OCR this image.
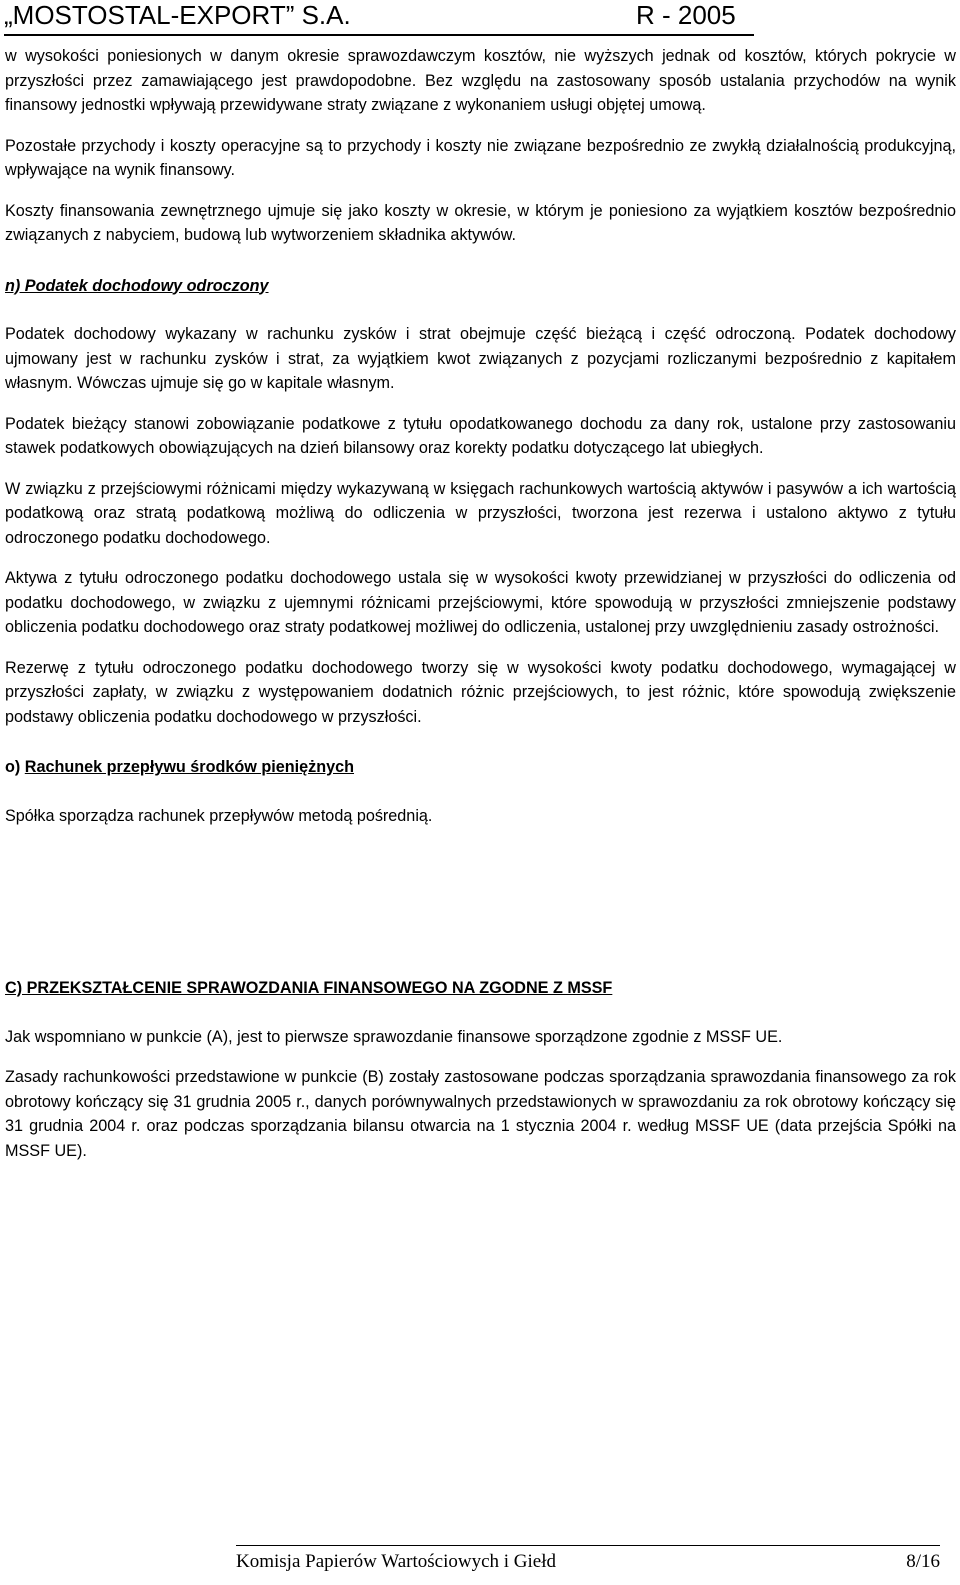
„MOSTOSTAL-EXPORT” S.A.	R - 2005

w wysokości poniesionych w danym okresie sprawozdawczym kosztów, nie wyższych jednak od kosztów, których pokrycie w przyszłości przez zamawiającego jest prawdopodobne. Bez względu na zastosowany sposób ustalania przychodów na wynik finansowy jednostki wpływają przewidywane straty związane z wykonaniem usługi objętej umową.

Pozostałe przychody i koszty operacyjne są to przychody i koszty nie związane bezpośrednio ze zwykłą działalnością produkcyjną, wpływające na wynik finansowy.

Koszty finansowania zewnętrznego ujmuje się jako koszty w okresie, w którym je poniesiono za wyjątkiem kosztów bezpośrednio związanych z nabyciem, budową lub wytworzeniem składnika aktywów.

n) Podatek dochodowy odroczony

Podatek dochodowy wykazany w rachunku zysków i strat obejmuje część bieżącą i część odroczoną. Podatek dochodowy ujmowany jest w rachunku zysków i strat, za wyjątkiem kwot związanych z pozycjami rozliczanymi bezpośrednio z kapitałem własnym. Wówczas ujmuje się go w kapitale własnym.

Podatek bieżący stanowi zobowiązanie podatkowe z tytułu opodatkowanego dochodu za dany rok, ustalone przy zastosowaniu stawek podatkowych obowiązujących na dzień bilansowy oraz korekty podatku dotyczącego lat ubiegłych.

W związku z przejściowymi różnicami między wykazywaną w księgach rachunkowych wartością aktywów i pasywów a ich wartością podatkową oraz stratą podatkową możliwą do odliczenia w przyszłości, tworzona jest rezerwa i ustalono aktywo z tytułu odroczonego podatku dochodowego.

Aktywa z tytułu odroczonego podatku dochodowego ustala się w wysokości kwoty przewidzianej w przyszłości do odliczenia od podatku dochodowego, w związku z ujemnymi różnicami przejściowymi, które spowodują w przyszłości zmniejszenie podstawy obliczenia podatku dochodowego oraz straty podatkowej możliwej do odliczenia, ustalonej przy uwzględnieniu zasady ostrożności.

Rezerwę z tytułu odroczonego podatku dochodowego tworzy się w wysokości kwoty podatku dochodowego, wymagającej w przyszłości zapłaty, w związku z występowaniem dodatnich różnic przejściowych, to jest różnic, które spowodują zwiększenie podstawy obliczenia podatku dochodowego w przyszłości.

o) Rachunek przepływu środków pieniężnych

Spółka sporządza rachunek przepływów metodą pośrednią.

C) PRZEKSZTAŁCENIE SPRAWOZDANIA FINANSOWEGO NA ZGODNE Z MSSF

Jak wspomniano w punkcie (A), jest to pierwsze sprawozdanie finansowe sporządzone zgodnie z MSSF UE.

Zasady rachunkowości przedstawione w punkcie (B) zostały zastosowane podczas sporządzania sprawozdania finansowego za rok obrotowy kończący się 31 grudnia 2005 r., danych porównywalnych przedstawionych w sprawozdaniu za rok obrotowy kończący się 31 grudnia 2004 r. oraz podczas sporządzania bilansu otwarcia na 1 stycznia 2004 r. według MSSF UE (data przejścia Spółki na MSSF UE).

Komisja Papierów Wartościowych i Giełd	8/16
